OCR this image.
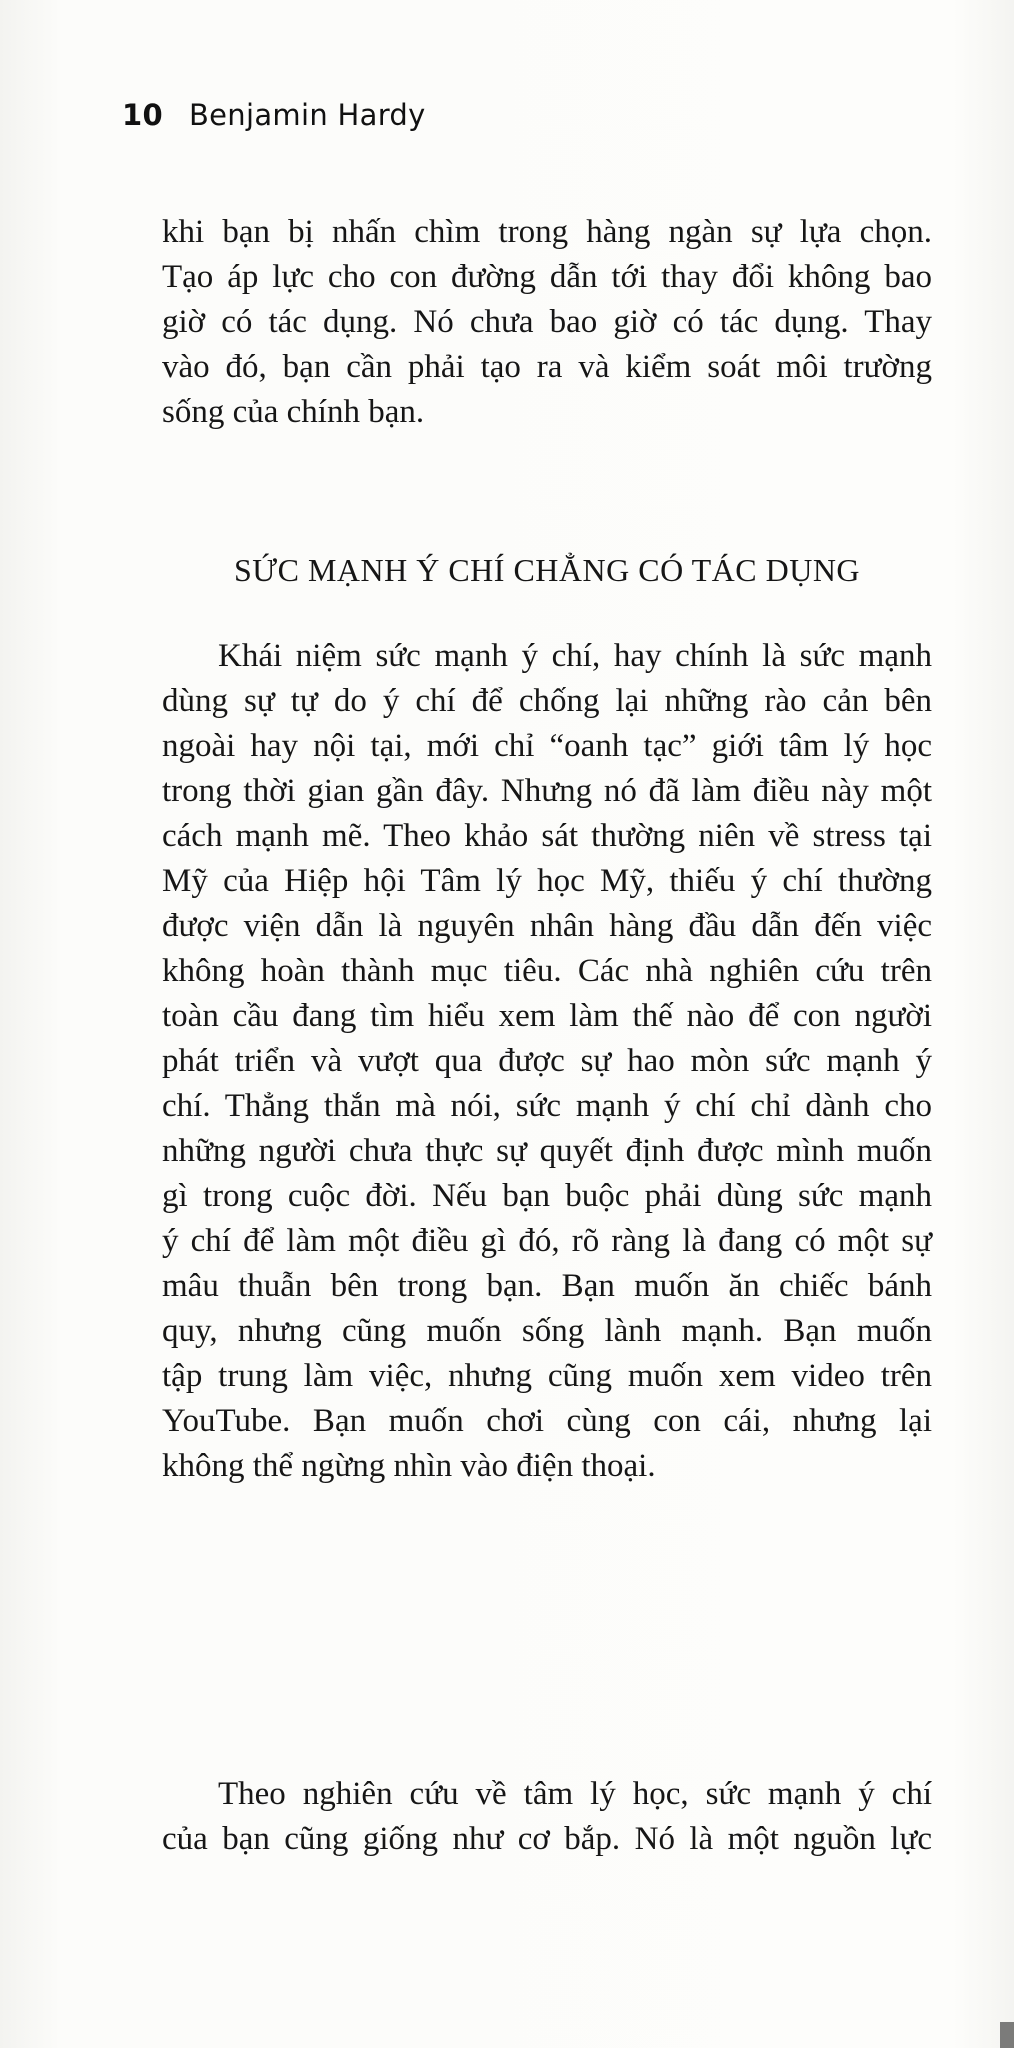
10 Benjamin Hardy
khi bạn bị nhấn chìm trong hàng ngàn sự lựa chọn.
Tạo áp lực cho con đường dẫn tới thay đổi không bao
giờ có tác dụng. Nó chưa bao giờ có tác dụng. Thay
vào đó, bạn cần phải tạo ra và kiểm soát môi trường
sống của chính bạn.
SỨC MẠNH Ý CHÍ CHẲNG CÓ TÁC DỤNG
Khái niệm sức mạnh ý chí, hay chính là sức mạnh
dùng sự tự do ý chí để chống lại những rào cản bên
ngoài hay nội tại, mới chỉ “oanh tạc” giới tâm lý học
trong thời gian gần đây. Nhưng nó đã làm điều này một
cách mạnh mẽ. Theo khảo sát thường niên về stress tại
Mỹ của Hiệp hội Tâm lý học Mỹ, thiếu ý chí thường
được viện dẫn là nguyên nhân hàng đầu dẫn đến việc
không hoàn thành mục tiêu. Các nhà nghiên cứu trên
toàn cầu đang tìm hiểu xem làm thế nào để con người
phát triển và vượt qua được sự hao mòn sức mạnh ý
chí. Thẳng thắn mà nói, sức mạnh ý chí chỉ dành cho
những người chưa thực sự quyết định được mình muốn
gì trong cuộc đời. Nếu bạn buộc phải dùng sức mạnh
ý chí để làm một điều gì đó, rõ ràng là đang có một sự
mâu thuẫn bên trong bạn. Bạn muốn ăn chiếc bánh
quy, nhưng cũng muốn sống lành mạnh. Bạn muốn
tập trung làm việc, nhưng cũng muốn xem video trên
YouTube. Bạn muốn chơi cùng con cái, nhưng lại
không thể ngừng nhìn vào điện thoại.
Theo nghiên cứu về tâm lý học, sức mạnh ý chí
của bạn cũng giống như cơ bắp. Nó là một nguồn lực
